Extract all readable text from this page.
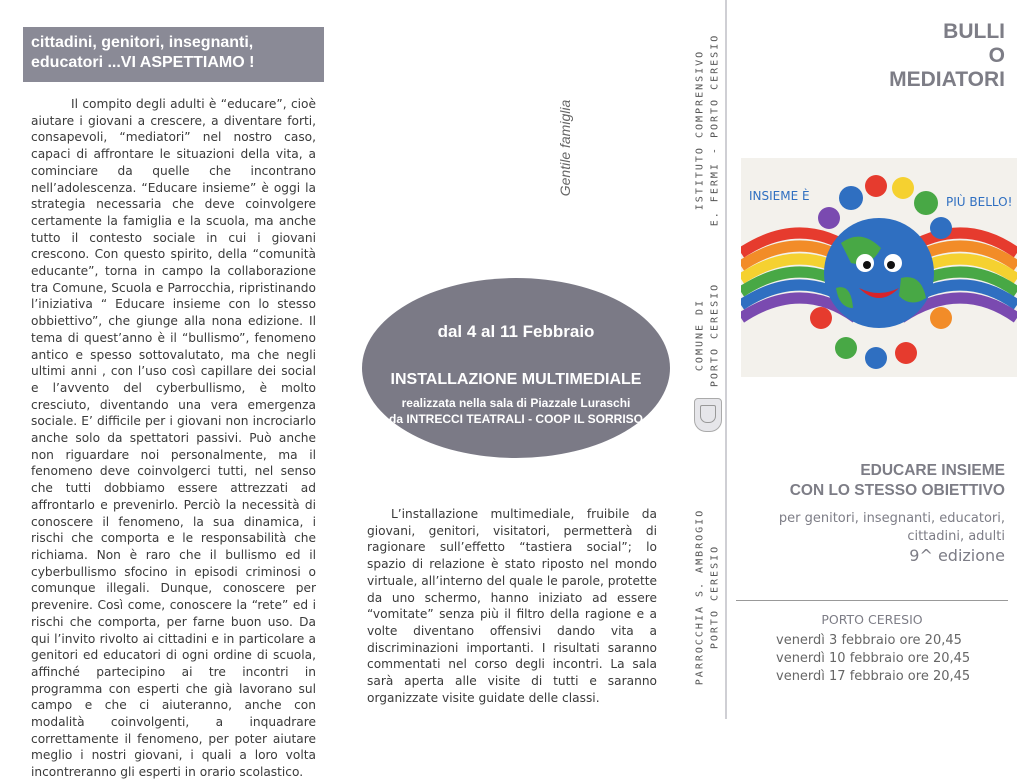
cittadini, genitori, insegnanti,
educatori ...VI ASPETTIAMO !

Il compito degli adulti è “educare”, cioè aiutare i giovani a crescere, a diventare forti, consapevoli, “mediatori” nel nostro caso, capaci di affrontare le situazioni della vita, a cominciare da quelle che incontrano nell’adolescenza. “Educare insieme” è oggi la strategia necessaria che deve coinvolgere certamente la famiglia e la scuola, ma anche tutto il contesto sociale in cui i giovani crescono. Con questo spirito, della “comunità educante”, torna in campo la collaborazione tra Comune, Scuola e Parrocchia, ripristinando l’iniziativa “ Educare insieme con lo stesso obbiettivo”, che giunge alla nona edizione. Il tema di quest’anno è il “bullismo”, fenomeno antico e spesso sottovalutato, ma che negli ultimi anni , con l’uso così capillare dei social e l’avvento del cyberbullismo, è molto cresciuto, diventando una vera emergenza sociale. E’ difficile per i giovani non incrociarlo anche solo da spettatori passivi. Può anche non riguardare noi personalmente, ma il fenomeno deve coinvolgerci tutti, nel senso che tutti dobbiamo essere attrezzati ad affrontarlo e prevenirlo. Perciò la necessità di conoscere il fenomeno, la sua dinamica, i rischi che comporta e le responsabilità che richiama. Non è raro che il bullismo ed il cyberbullismo sfocino in episodi criminosi o comunque illegali. Dunque, conoscere per prevenire. Così come, conoscere la “rete” ed i rischi che comporta, per farne buon uso. Da qui l’invito rivolto ai cittadini e in particolare a genitori ed educatori di ogni ordine di scuola, affinché partecipino ai tre incontri in programma con esperti che già lavorano sul campo e che ci aiuteranno, anche con modalità coinvolgenti, a inquadrare correttamente il fenomeno, per poter aiutare meglio i nostri giovani, i quali a loro volta incontreranno gli esperti in orario scolastico.

Gentile famiglia
dal 4 al 11 Febbraio
INSTALLAZIONE MULTIMEDIALE
realizzata nella sala di Piazzale Luraschi
da INTRECCI TEATRALI - COOP IL SORRISO

L’installazione multimediale, fruibile da giovani, genitori, visitatori, permetterà di ragionare sull’effetto “tastiera social”; lo spazio di relazione è stato riposto nel mondo virtuale, all’interno del quale le parole, protette da uno schermo, hanno iniziato ad essere “vomitate” senza più il filtro della ragione e a volte diventano offensivi dando vita a discriminazioni importanti. I risultati saranno commentati nel corso degli incontri. La sala sarà aperta alle visite di tutti e saranno organizzate visite guidate delle classi.

ISTITUTO COMPRENSIVO E. FERMI - PORTO CERESIO
COMUNE DI PORTO CERESIO
PARROCCHIA S. AMBROGIO PORTO CERESIO
BULLI
O
MEDIATORI
INSIEME È	PIÙ BELLO!
EDUCARE INSIEME
CON LO STESSO OBIETTIVO
per genitori, insegnanti, educatori, cittadini, adulti
9^ edizione
PORTO CERESIO
venerdì 3 febbraio ore 20,45
venerdì 10 febbraio ore 20,45
venerdì 17 febbraio ore 20,45
